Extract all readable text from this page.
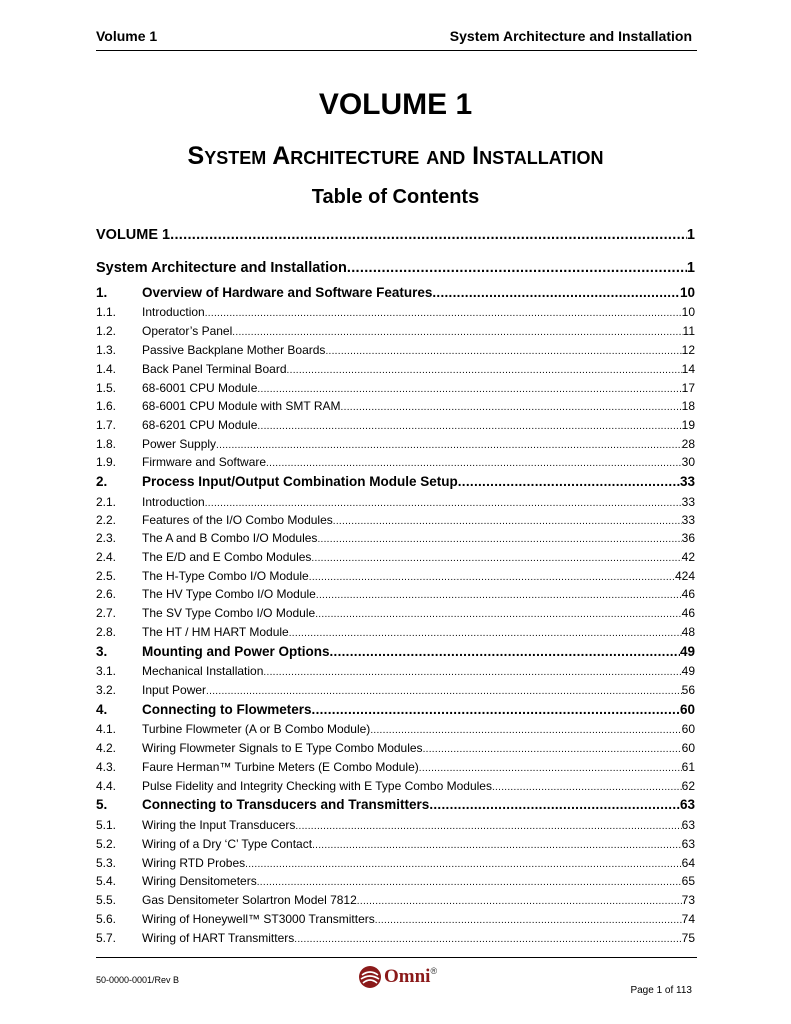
Volume 1	System Architecture and Installation
VOLUME 1
System Architecture and Installation
Table of Contents
VOLUME 1 .....	1
System Architecture and Installation .....	1
1.	Overview of Hardware and Software Features .....	10
1.1.	Introduction .....	10
1.2.	Operator’s Panel .....	11
1.3.	Passive Backplane Mother Boards .....	12
1.4.	Back Panel Terminal Board .....	14
1.5.	68-6001 CPU Module .....	17
1.6.	68-6001 CPU Module with SMT RAM .....	18
1.7.	68-6201 CPU Module .....	19
1.8.	Power Supply .....	28
1.9.	Firmware and Software .....	30
2.	Process Input/Output Combination Module Setup .....	33
2.1.	Introduction .....	33
2.2.	Features of the I/O Combo Modules .....	33
2.3.	The A and B Combo I/O Modules .....	36
2.4.	The E/D and E Combo Modules .....	42
2.5.	The H-Type Combo I/O Module .....	424
2.6.	The HV Type Combo I/O Module .....	46
2.7.	The SV Type Combo I/O Module .....	46
2.8.	The HT / HM HART Module .....	48
3.	Mounting and Power Options .....	49
3.1.	Mechanical Installation .....	49
3.2.	Input Power .....	56
4.	Connecting to Flowmeters .....	60
4.1.	Turbine Flowmeter (A or B Combo Module) .....	60
4.2.	Wiring Flowmeter Signals to E Type Combo Modules .....	60
4.3.	Faure Herman™ Turbine Meters (E Combo Module) .....	61
4.4.	Pulse Fidelity and Integrity Checking with E Type Combo Modules .....	62
5.	Connecting to Transducers and Transmitters .....	63
5.1.	Wiring the Input Transducers .....	63
5.2.	Wiring of a Dry ‘C’ Type Contact .....	63
5.3.	Wiring RTD Probes .....	64
5.4.	Wiring Densitometers .....	65
5.5.	Gas Densitometer Solartron Model 7812 .....	73
5.6.	Wiring of Honeywell™ ST3000 Transmitters .....	74
5.7.	Wiring of HART Transmitters .....	75
50-0000-0001/Rev B	Omni ®
Page 1 of 113
